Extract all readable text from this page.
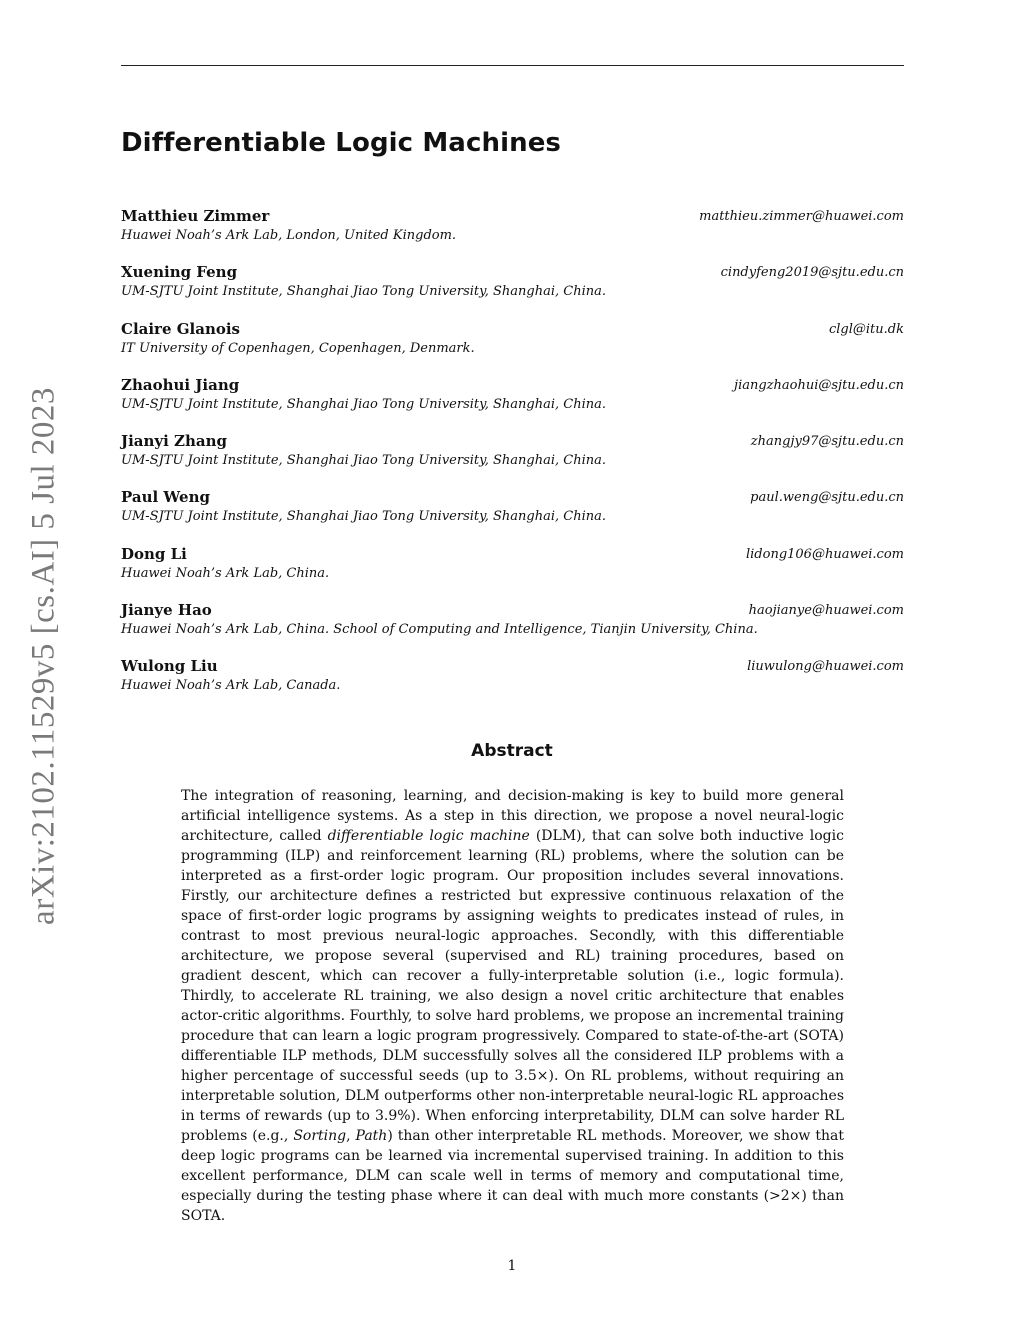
Differentiable Logic Machines
Matthieu Zimmer	matthieu.zimmer@huawei.com
Huawei Noah’s Ark Lab, London, United Kingdom.
Xuening Feng	cindyfeng2019@sjtu.edu.cn
UM-SJTU Joint Institute, Shanghai Jiao Tong University, Shanghai, China.
Claire Glanois	clgl@itu.dk
IT University of Copenhagen, Copenhagen, Denmark.
Zhaohui Jiang	jiangzhaohui@sjtu.edu.cn
UM-SJTU Joint Institute, Shanghai Jiao Tong University, Shanghai, China.
Jianyi Zhang	zhangjy97@sjtu.edu.cn
UM-SJTU Joint Institute, Shanghai Jiao Tong University, Shanghai, China.
Paul Weng	paul.weng@sjtu.edu.cn
UM-SJTU Joint Institute, Shanghai Jiao Tong University, Shanghai, China.
Dong Li	lidong106@huawei.com
Huawei Noah’s Ark Lab, China.
Jianye Hao	haojianye@huawei.com
Huawei Noah’s Ark Lab, China. School of Computing and Intelligence, Tianjin University, China.
Wulong Liu	liuwulong@huawei.com
Huawei Noah’s Ark Lab, Canada.
Abstract

The integration of reasoning, learning, and decision-making is key to build more general artificial intelligence systems. As a step in this direction, we propose a novel neural-logic architecture, called differentiable logic machine (DLM), that can solve both inductive logic programming (ILP) and reinforcement learning (RL) problems, where the solution can be interpreted as a first-order logic program. Our proposition includes several innovations. Firstly, our architecture defines a restricted but expressive continuous relaxation of the space of first-order logic programs by assigning weights to predicates instead of rules, in contrast to most previous neural-logic approaches. Secondly, with this differentiable architecture, we propose several (supervised and RL) training procedures, based on gradient descent, which can recover a fully-interpretable solution (i.e., logic formula). Thirdly, to accelerate RL training, we also design a novel critic architecture that enables actor-critic algorithms. Fourthly, to solve hard problems, we propose an incremental training procedure that can learn a logic program progressively. Compared to state-of-the-art (SOTA) differentiable ILP methods, DLM successfully solves all the considered ILP problems with a higher percentage of successful seeds (up to 3.5×). On RL problems, without requiring an interpretable solution, DLM outperforms other non-interpretable neural-logic RL approaches in terms of rewards (up to 3.9%). When enforcing interpretability, DLM can solve harder RL problems (e.g., Sorting, Path) than other interpretable RL methods. Moreover, we show that deep logic programs can be learned via incremental supervised training. In addition to this excellent performance, DLM can scale well in terms of memory and computational time, especially during the testing phase where it can deal with much more constants (>2×) than SOTA.

arXiv:2102.11529v5 [cs.AI] 5 Jul 2023
1
